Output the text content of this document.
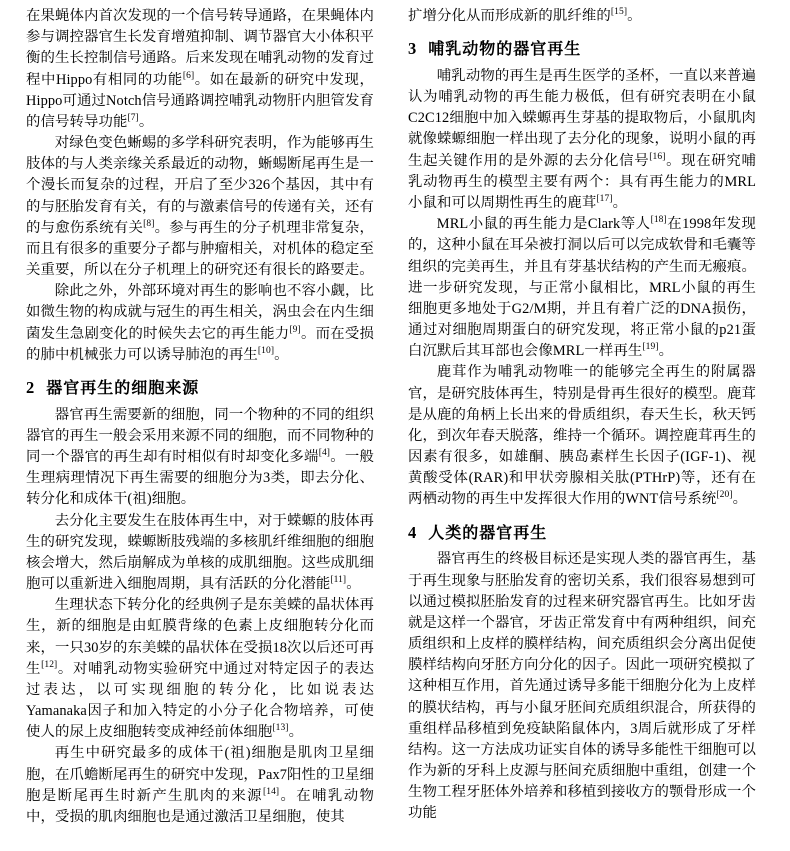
在果蝇体内首次发现的一个信号转导通路，在果蝇体内参与调控器官生长发育增殖抑制、调节器官大小体积平衡的生长控制信号通路。后来发现在哺乳动物的发育过程中Hippo有相同的功能[6]。如在最新的研究中发现，Hippo可通过Notch信号通路调控哺乳动物肝内胆管发育的信号转导功能[7]。

对绿色变色蜥蜴的多学科研究表明，作为能够再生肢体的与人类亲缘关系最近的动物，蜥蜴断尾再生是一个漫长而复杂的过程，开启了至少326个基因，其中有的与胚胎发育有关，有的与激素信号的传递有关，还有的与愈伤系统有关[8]。参与再生的分子机理非常复杂，而且有很多的重要分子都与肿瘤相关，对机体的稳定至关重要，所以在分子机理上的研究还有很长的路要走。

除此之外，外部环境对再生的影响也不容小觑，比如微生物的构成就与冠生的再生相关，涡虫会在内生细菌发生急剧变化的时候失去它的再生能力[9]。而在受损的肺中机械张力可以诱导肺泡的再生[10]。

2 器官再生的细胞来源

器官再生需要新的细胞，同一个物种的不同的组织器官的再生一般会采用来源不同的细胞，而不同物种的同一个器官的再生却有时相似有时却变化多端[4]。一般生理病理情况下再生需要的细胞分为3类，即去分化、转分化和成体干(祖)细胞。

去分化主要发生在肢体再生中，对于蝾螈的肢体再生的研究发现，蝾螈断肢残端的多核肌纤维细胞的细胞核会增大，然后崩解成为单核的成肌细胞。这些成肌细胞可以重新进入细胞周期，具有活跃的分化潜能[11]。

生理状态下转分化的经典例子是东美蝾的晶状体再生，新的细胞是由虹膜背缘的色素上皮细胞转分化而来，一只30岁的东美蝾的晶状体在受损18次以后还可再生[12]。对哺乳动物实验研究中通过对特定因子的表达过表达，以可实现细胞的转分化，比如说表达Yamanaka因子和加入特定的小分子化合物培养，可使使人的尿上皮细胞转变成神经前体细胞[13]。

再生中研究最多的成体干(祖)细胞是肌肉卫星细胞，在爪蟾断尾再生的研究中发现，Pax7阳性的卫星细胞是断尾再生时新产生肌肉的来源[14]。在哺乳动物中，受损的肌肉细胞也是通过激活卫星细胞，使其

扩增分化从而形成新的肌纤维的[15]。

3 哺乳动物的器官再生

哺乳动物的再生是再生医学的圣杯，一直以来普遍认为哺乳动物的再生能力极低，但有研究表明在小鼠C2C12细胞中加入蝾螈再生芽基的提取物后，小鼠肌肉就像蝾螈细胞一样出现了去分化的现象，说明小鼠的再生起关键作用的是外源的去分化信号[16]。现在研究哺乳动物再生的模型主要有两个：具有再生能力的MRL小鼠和可以周期性再生的鹿茸[17]。

MRL小鼠的再生能力是Clark等人[18]在1998年发现的，这种小鼠在耳朵被打洞以后可以完成软骨和毛囊等组织的完美再生，并且有芽基状结构的产生而无瘢痕。进一步研究发现，与正常小鼠相比，MRL小鼠的再生细胞更多地处于G2/M期，并且有着广泛的DNA损伤，通过对细胞周期蛋白的研究发现，将正常小鼠的p21蛋白沉默后其耳部也会像MRL一样再生[19]。

鹿茸作为哺乳动物唯一的能够完全再生的附属器官，是研究肢体再生，特别是骨再生很好的模型。鹿茸是从鹿的角柄上长出来的骨质组织，春天生长，秋天钙化，到次年春天脱落，维持一个循环。调控鹿茸再生的因素有很多，如雄酮、胰岛素样生长因子(IGF-1)、视黄酸受体(RAR)和甲状旁腺相关肽(PTHrP)等，还有在两栖动物的再生中发挥很大作用的WNT信号系统[20]。

4 人类的器官再生

器官再生的终极目标还是实现人类的器官再生，基于再生现象与胚胎发育的密切关系，我们很容易想到可以通过模拟胚胎发育的过程来研究器官再生。比如牙齿就是这样一个器官，牙齿正常发育中有两种组织，间充质组织和上皮样的膜样结构，间充质组织会分离出促使膜样结构向牙胚方向分化的因子。因此一项研究模拟了这种相互作用，首先通过诱导多能干细胞分化为上皮样的膜状结构，再与小鼠牙胚间充质组织混合，所获得的重组样品移植到免疫缺陷鼠体内，3周后就形成了牙样结构。这一方法成功证实自体的诱导多能性干细胞可以作为新的牙科上皮源与胚间充质细胞中重组，创建一个生物工程牙胚体外培养和移植到接收方的颚骨形成一个功能
